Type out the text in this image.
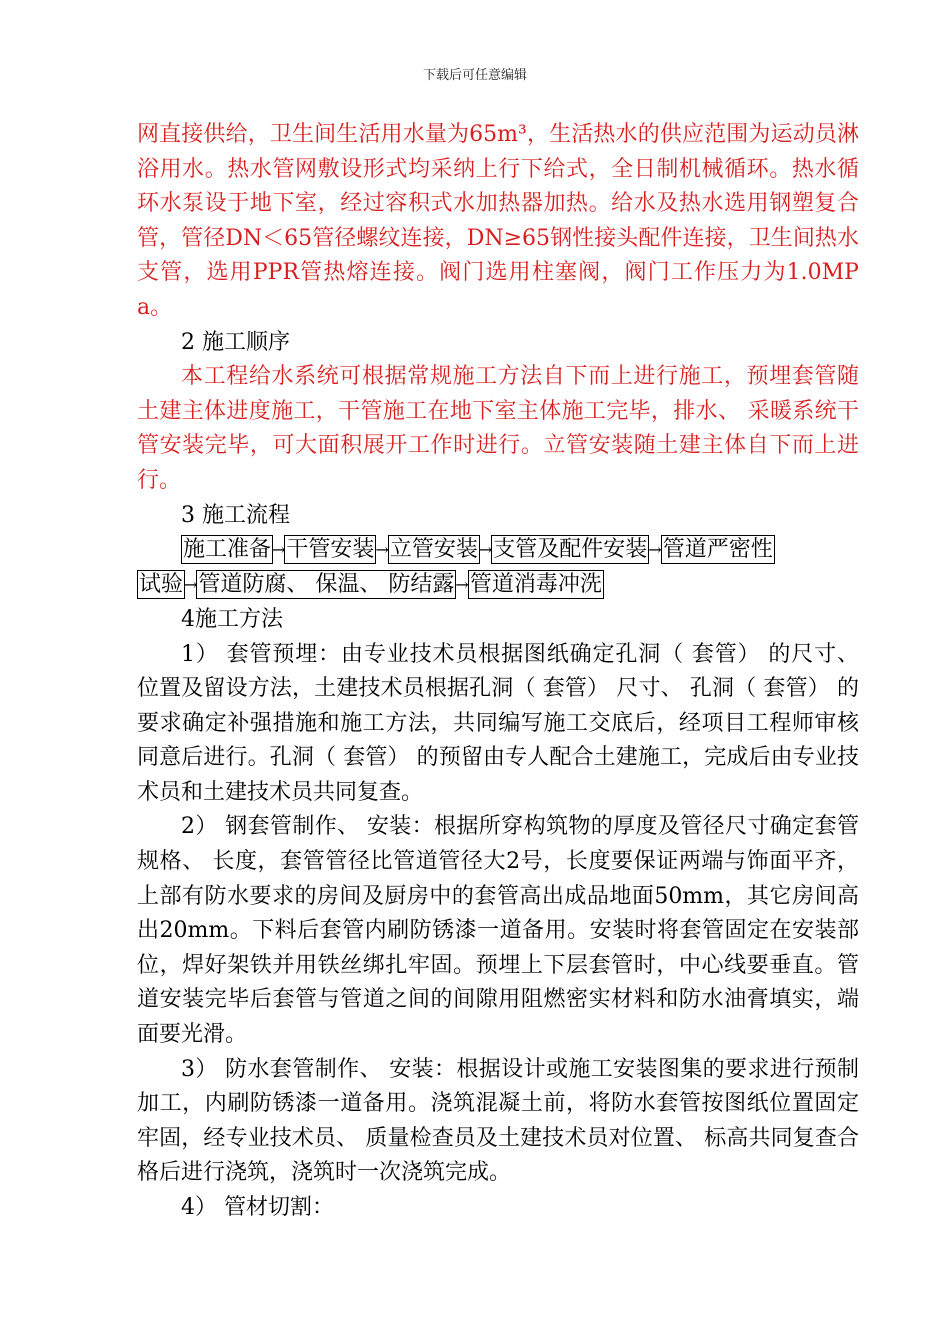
下载后可任意编辑

网直接供给，卫生间生活用水量为65m³，生活热水的供应范围为运动员淋浴用水。热水管网敷设形式均采纳上行下给式，全日制机械循环。热水循环水泵设于地下室，经过容积式水加热器加热。给水及热水选用钢塑复合管，管径DN＜65管径螺纹连接，DN≥65钢性接头配件连接，卫生间热水支管，选用PPR管热熔连接。阀门选用柱塞阀，阀门工作压力为1.0MPa。

2 施工顺序

本工程给水系统可根据常规施工方法自下而上进行施工，预埋套管随土建主体进度施工，干管施工在地下室主体施工完毕，排水、 采暖系统干管安装完毕，可大面积展开工作时进行。立管安装随土建主体自下而上进行。

3 施工流程

施工准备→干管安装→立管安装→支管及配件安装→管道严密性
试验→管道防腐、 保温、 防结露→管道消毒冲洗

4施工方法

1） 套管预埋：由专业技术员根据图纸确定孔洞（ 套管） 的尺寸、 位置及留设方法，土建技术员根据孔洞（ 套管） 尺寸、 孔洞（ 套管） 的要求确定补强措施和施工方法，共同编写施工交底后，经项目工程师审核同意后进行。孔洞（ 套管） 的预留由专人配合土建施工，完成后由专业技术员和土建技术员共同复查。

2） 钢套管制作、 安装：根据所穿构筑物的厚度及管径尺寸确定套管规格、 长度，套管管径比管道管径大2号，长度要保证两端与饰面平齐，上部有防水要求的房间及厨房中的套管高出成品地面50mm，其它房间高出20mm。下料后套管内刷防锈漆一道备用。安装时将套管固定在安装部位，焊好架铁并用铁丝绑扎牢固。预埋上下层套管时，中心线要垂直。管道安装完毕后套管与管道之间的间隙用阻燃密实材料和防水油膏填实，端面要光滑。

3） 防水套管制作、 安装：根据设计或施工安装图集的要求进行预制加工，内刷防锈漆一道备用。浇筑混凝土前，将防水套管按图纸位置固定牢固，经专业技术员、 质量检查员及土建技术员对位置、 标高共同复查合格后进行浇筑，浇筑时一次浇筑完成。

4） 管材切割：
